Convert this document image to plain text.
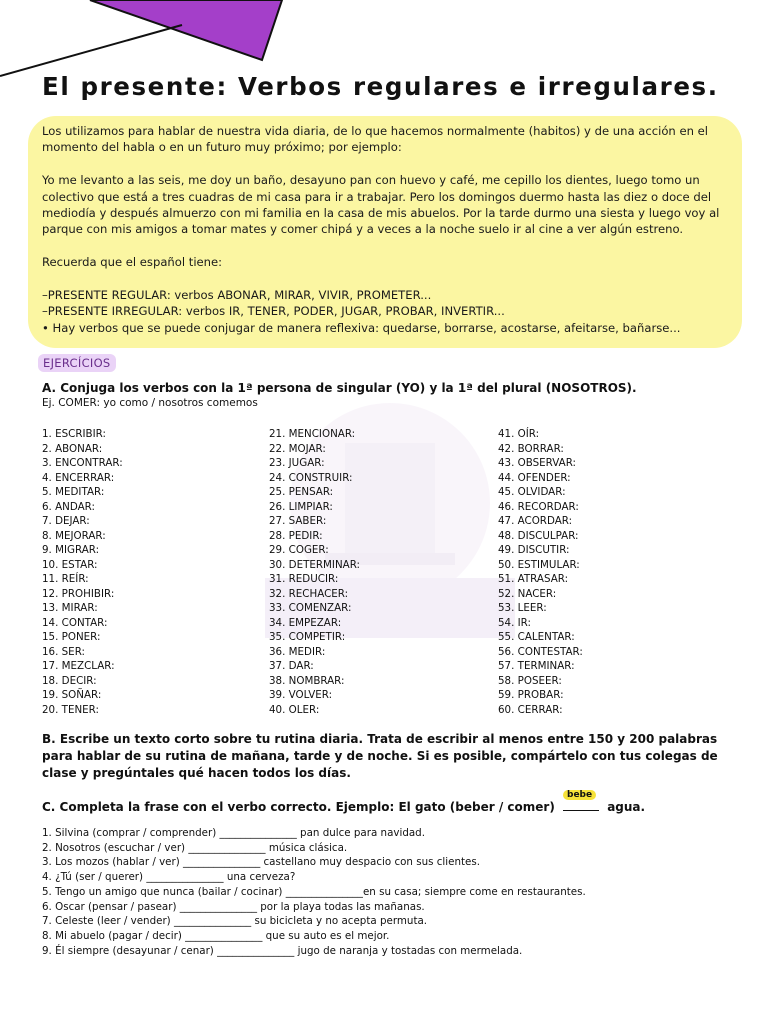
El presente: Verbos regulares e irregulares.

Los utilizamos para hablar de nuestra vida diaria, de lo que hacemos normalmente (habitos) y de una acción en el momento del habla o en un futuro muy próximo; por ejemplo:

Yo me levanto a las seis, me doy un baño, desayuno pan con huevo y café, me cepillo los dientes, luego tomo un colectivo que está a tres cuadras de mi casa para ir a trabajar. Pero los domingos duermo hasta las diez o doce del mediodía y después almuerzo con mi familia en la casa de mis abuelos. Por la tarde durmo una siesta y luego voy al parque con mis amigos a tomar mates y comer chipá y a veces a la noche suelo ir al cine a ver algún estreno.

Recuerda que el español tiene:

–PRESENTE REGULAR: verbos ABONAR, MIRAR, VIVIR, PROMETER...

–PRESENTE IRREGULAR: verbos IR, TENER, PODER, JUGAR, PROBAR, INVERTIR...

• Hay verbos que se puede conjugar de manera reflexiva: quedarse, borrarse, acostarse, afeitarse, bañarse...

EJERCÍCIOS
A. Conjuga los verbos con la 1ª persona de singular (YO) y la 1ª del plural (NOSOTROS).
Ej. COMER: yo como / nosotros comemos
1. ESCRIBIR:
2. ABONAR:
3. ENCONTRAR:
4. ENCERRAR:
5. MEDITAR:
6. ANDAR:
7. DEJAR:
8. MEJORAR:
9. MIGRAR:
10. ESTAR:
11. REÍR:
12. PROHIBIR:
13. MIRAR:
14. CONTAR:
15. PONER:
16. SER:
17. MEZCLAR:
18. DECIR:
19. SOÑAR:
20. TENER:
21. MENCIONAR:
22. MOJAR:
23. JUGAR:
24. CONSTRUIR:
25. PENSAR:
26. LIMPIAR:
27. SABER:
28. PEDIR:
29. COGER:
30. DETERMINAR:
31. REDUCIR:
32. RECHACER:
33. COMENZAR:
34. EMPEZAR:
35. COMPETIR:
36. MEDIR:
37. DAR:
38. NOMBRAR:
39. VOLVER:
40. OLER:
41. OÍR:
42. BORRAR:
43. OBSERVAR:
44. OFENDER:
45. OLVIDAR:
46. RECORDAR:
47. ACORDAR:
48. DISCULPAR:
49. DISCUTIR:
50. ESTIMULAR:
51. ATRASAR:
52. NACER:
53. LEER:
54. IR:
55. CALENTAR:
56. CONTESTAR:
57. TERMINAR:
58. POSEER:
59. PROBAR:
60. CERRAR:
B. Escribe un texto corto sobre tu rutina diaria. Trata de escribir al menos entre 150 y 200 palabras para hablar de su rutina de mañana, tarde y de noche. Si es posible, compártelo con tus colegas de clase y pregúntales qué hacen todos los días.
C. Completa la frase con el verbo correcto. Ejemplo: El gato (beber / comer)
bebe
agua.
1. Silvina (comprar / comprender) _______________ pan dulce para navidad.
2. Nosotros (escuchar / ver) _______________ música clásica.
3. Los mozos (hablar / ver) _______________ castellano muy despacio con sus clientes.
4. ¿Tú (ser / querer) _______________ una cerveza?
5. Tengo un amigo que nunca (bailar / cocinar) _______________en su casa; siempre come en restaurantes.
6. Oscar (pensar / pasear) _______________ por la playa todas las mañanas.
7. Celeste (leer / vender) _______________ su bicicleta y no acepta permuta.
8. Mi abuelo (pagar / decir) _______________ que su auto es el mejor.
9. Él siempre (desayunar / cenar) _______________ jugo de naranja y tostadas con mermelada.
